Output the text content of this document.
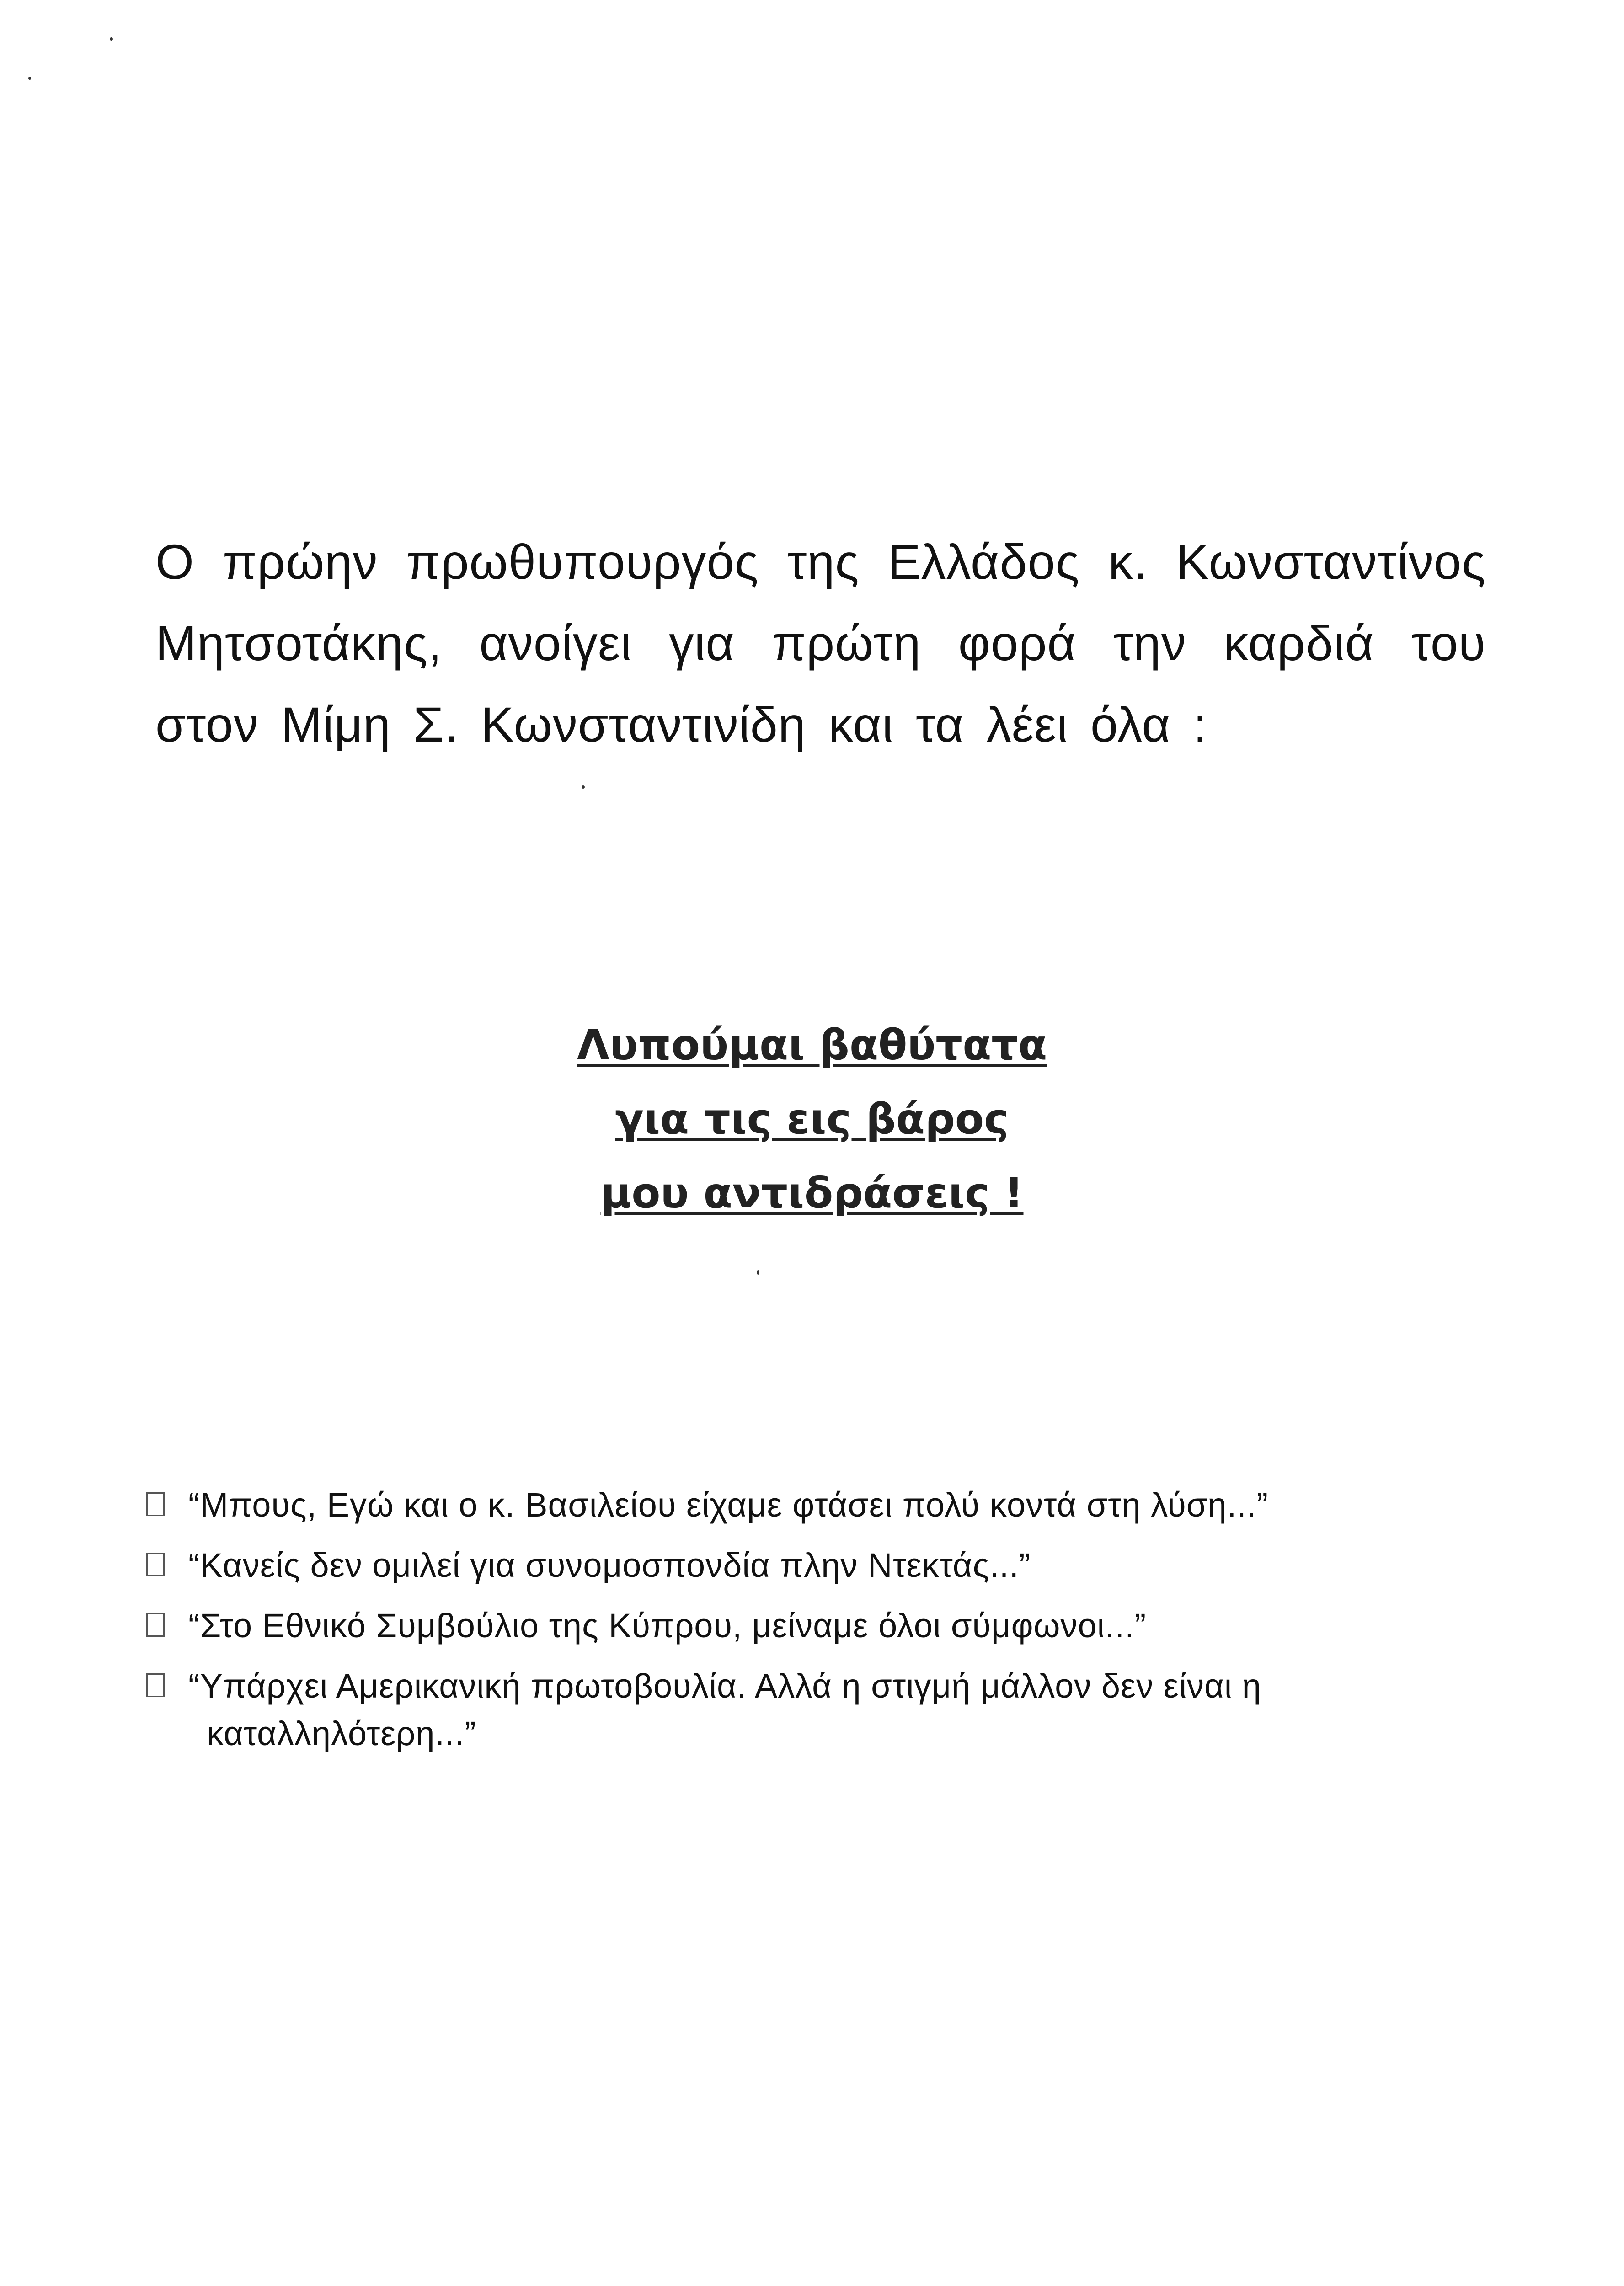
Ο πρώην πρωθυπουργός της Ελλάδος κ. Κωνσταντίνος Μητσοτάκης, ανοίγει για πρώτη φορά την καρδιά του στον Μίμη Σ. Κωνσταντινίδη και τα λέει όλα :

Λυπούμαι βαθύτατα
για τις εις βάρος
μου αντιδράσεις !
“Μπους, Εγώ και ο κ. Βασιλείου είχαμε φτάσει πολύ κοντά στη λύση...”
“Κανείς δεν ομιλεί για συνομοσπονδία πλην Ντεκτάς...”
“Στο Εθνικό Συμβούλιο της Κύπρου, μείναμε όλοι σύμφωνοι...”
“Υπάρχει Αμερικανική πρωτοβουλία. Αλλά η στιγμή μάλλον δεν είναι η
καταλληλότερη...”
